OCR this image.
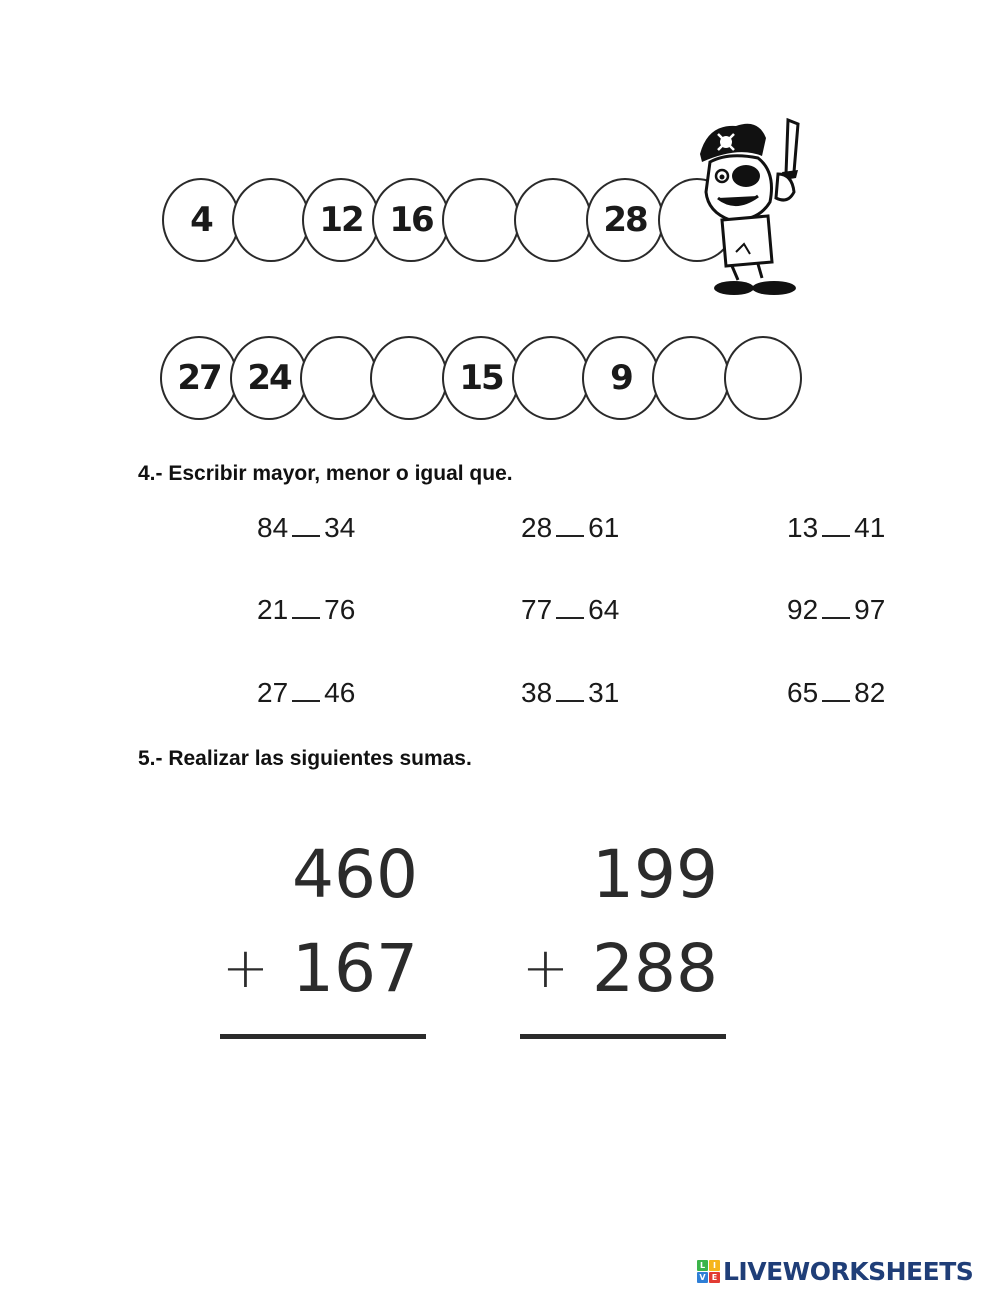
4	12 16	28
27 24	15	9
4.- Escribir mayor, menor o igual que.
84 34	28 61	13 41
21 76	77 64	92 97
27 46	38 31	65 82
5.- Realizar las siguientes sumas.
460
+ 167
199
+ 288
L I
V E LIVEWORKSHEETS
